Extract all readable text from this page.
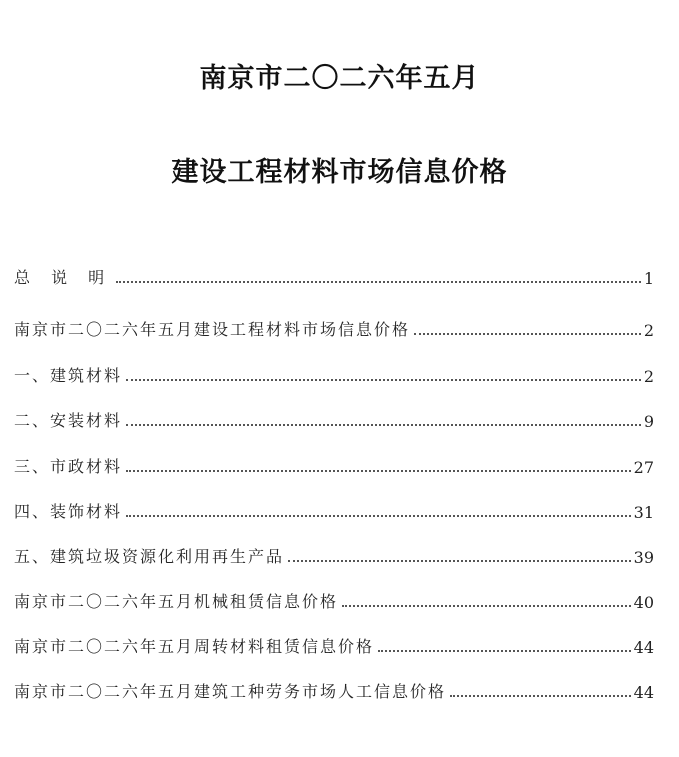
南京市二〇二六年五月
建设工程材料市场信息价格
总 说 明	1
南京市二〇二六年五月建设工程材料市场信息价格	2
一、建筑材料	2
二、安装材料	9
三、市政材料	27
四、装饰材料	31
五、建筑垃圾资源化利用再生产品	39
南京市二〇二六年五月机械租赁信息价格	40
南京市二〇二六年五月周转材料租赁信息价格	44
南京市二〇二六年五月建筑工种劳务市场人工信息价格	44
